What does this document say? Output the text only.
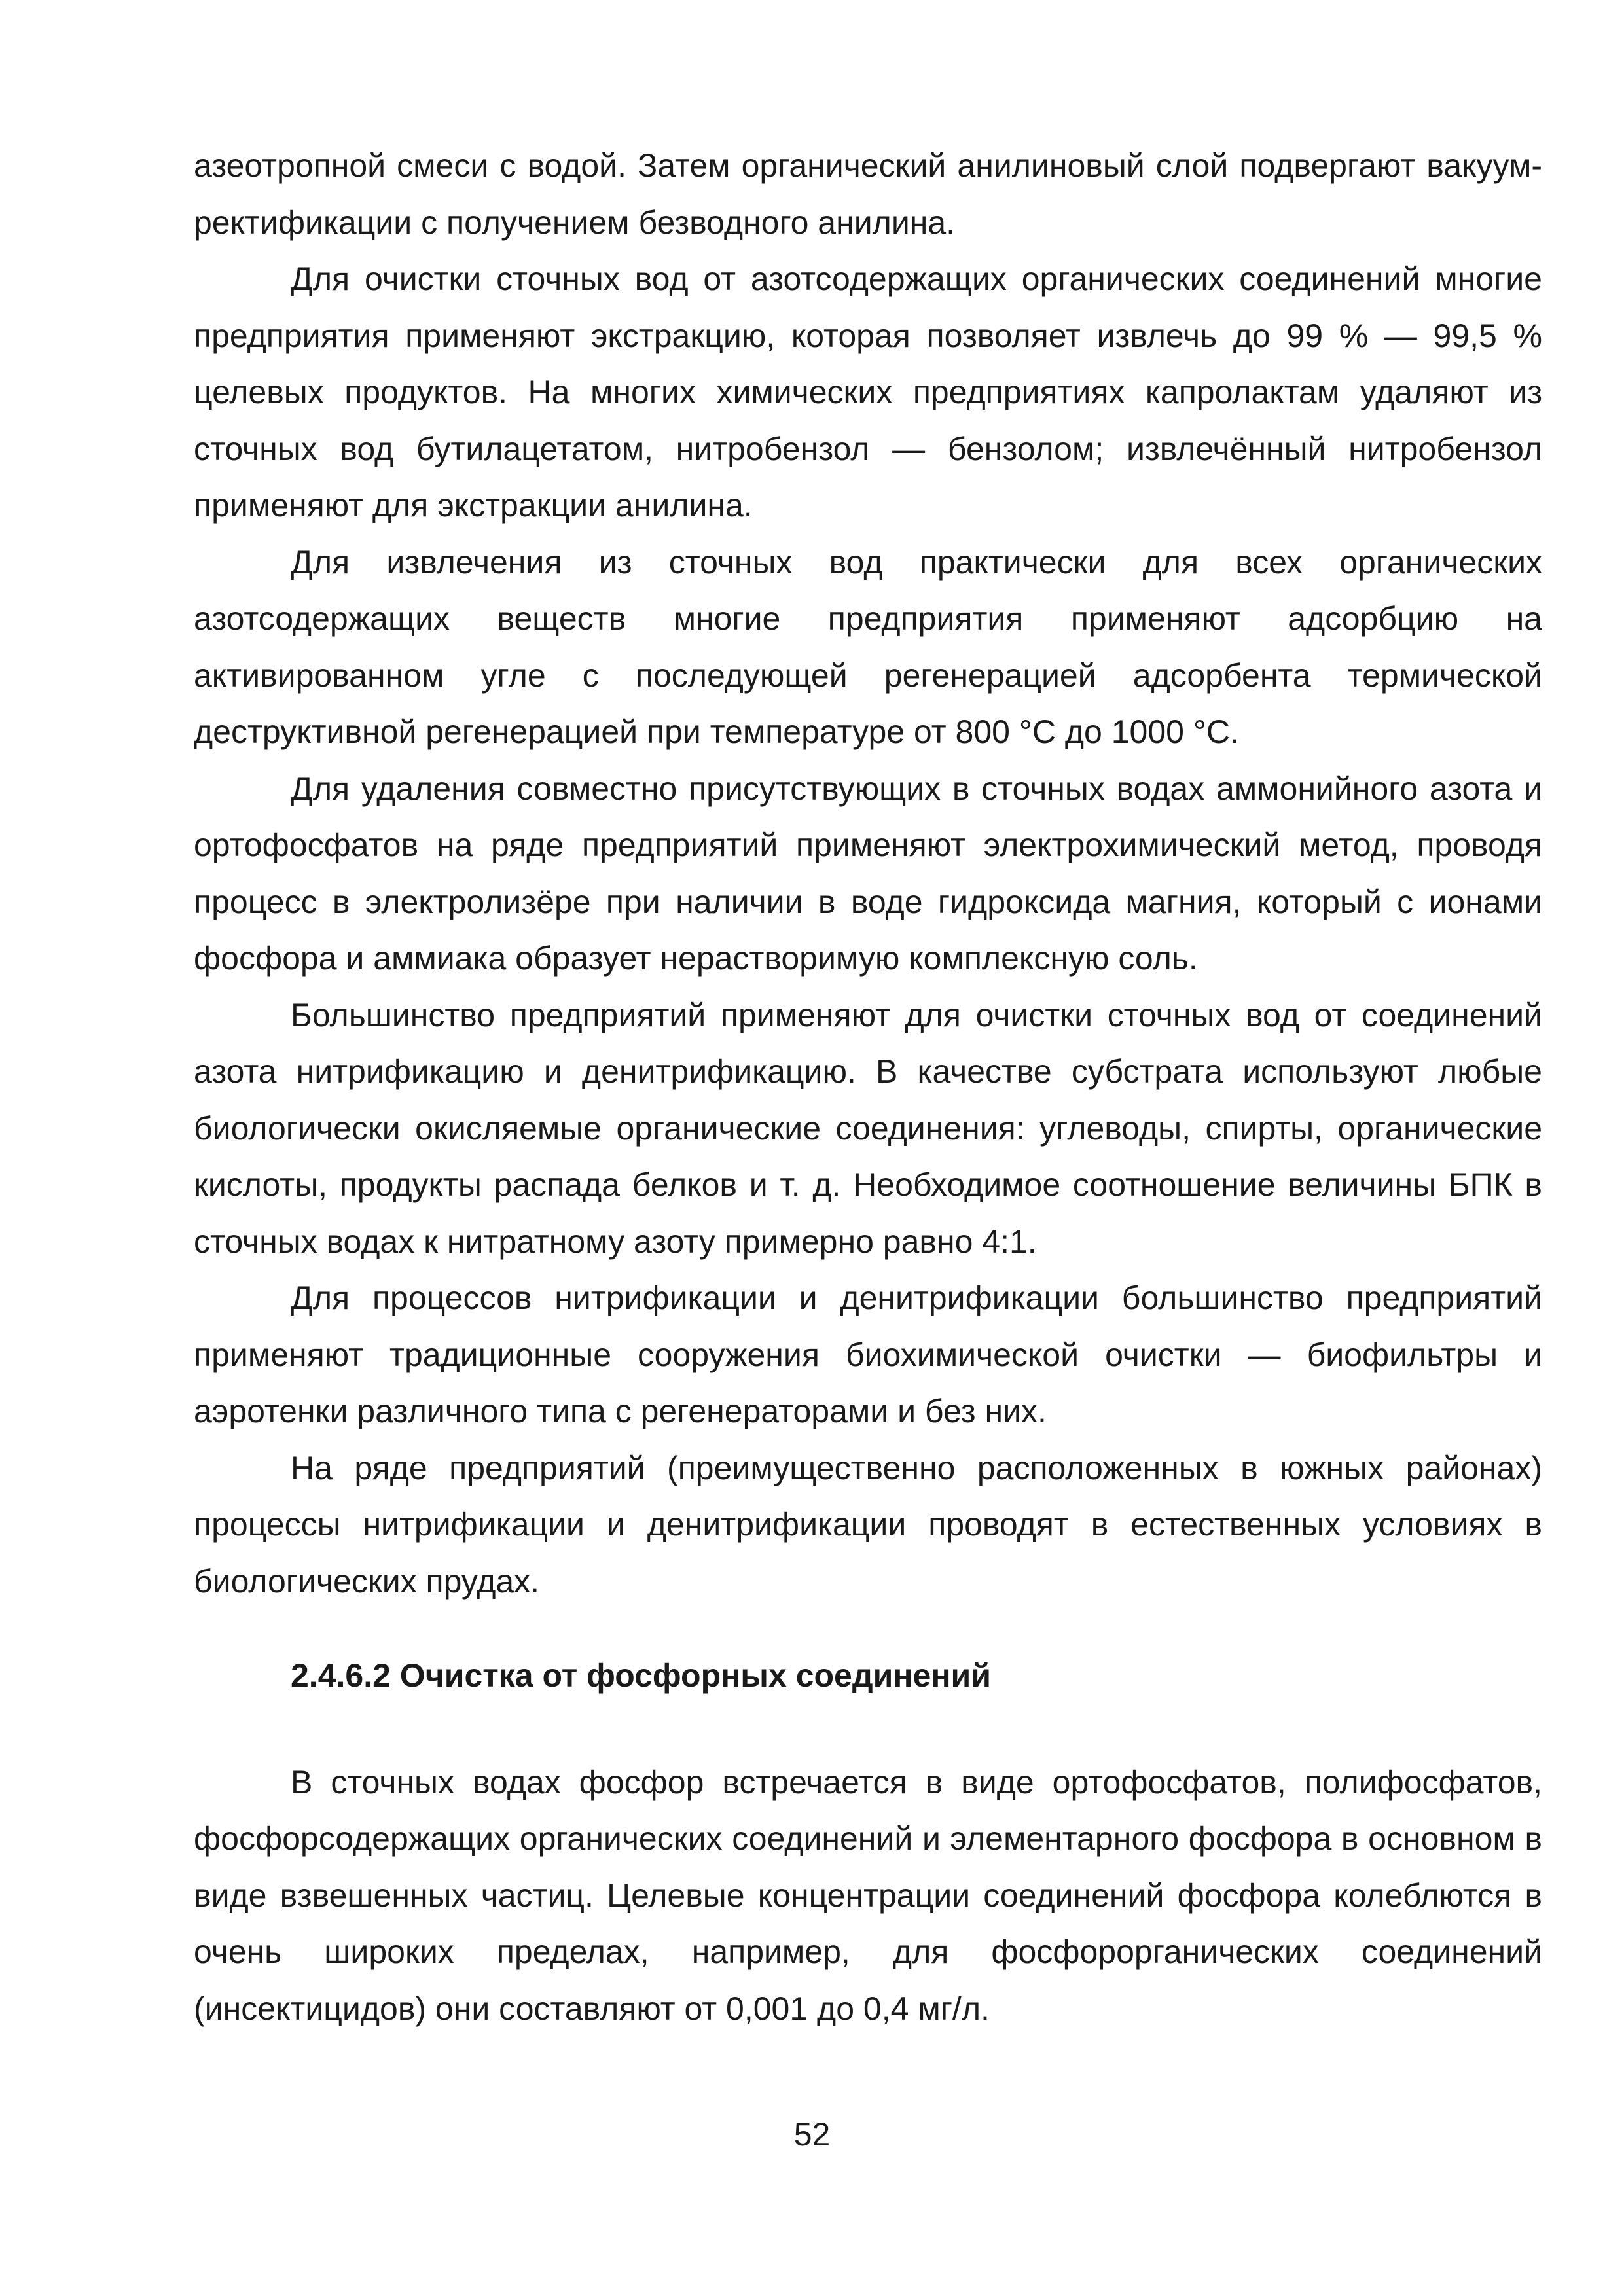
азеотропной смеси с водой. Затем органический анилиновый слой подвергают вакуум-ректификации с получением безводного анилина.

Для очистки сточных вод от азотсодержащих органических соединений многие предприятия применяют экстракцию, которая позволяет извлечь до 99 % — 99,5 % целевых продуктов. На многих химических предприятиях капролактам удаляют из сточных вод бутилацетатом, нитробензол — бензолом; извлечённый нитробензол применяют для экстракции анилина.

Для извлечения из сточных вод практически для всех органических азотсодержащих веществ многие предприятия применяют адсорбцию на активированном угле с последующей регенерацией адсорбента термической деструктивной регенерацией при температуре от 800 °С до 1000 °С.

Для удаления совместно присутствующих в сточных водах аммонийного азота и ортофосфатов на ряде предприятий применяют электрохимический метод, проводя процесс в электролизёре при наличии в воде гидроксида магния, который с ионами фосфора и аммиака образует нерастворимую комплексную соль.

Большинство предприятий применяют для очистки сточных вод от соединений азота нитрификацию и денитрификацию. В качестве субстрата используют любые биологически окисляемые органические соединения: углеводы, спирты, органические кислоты, продукты распада белков и т. д. Необходимое соотношение величины БПК в сточных водах к нитратному азоту примерно равно 4:1.

Для процессов нитрификации и денитрификации большинство предприятий применяют традиционные сооружения биохимической очистки — биофильтры и аэротенки различного типа с регенераторами и без них.

На ряде предприятий (преимущественно расположенных в южных районах) процессы нитрификации и денитрификации проводят в естественных условиях в биологических прудах.

2.4.6.2 Очистка от фосфорных соединений

В сточных водах фосфор встречается в виде ортофосфатов, полифосфатов, фосфорсодержащих органических соединений и элементарного фосфора в основном в виде взвешенных частиц. Целевые концентрации соединений фосфора колеблются в очень широких пределах, например, для фосфорорганических соединений (инсектицидов) они составляют от 0,001 до 0,4 мг/л.

52
